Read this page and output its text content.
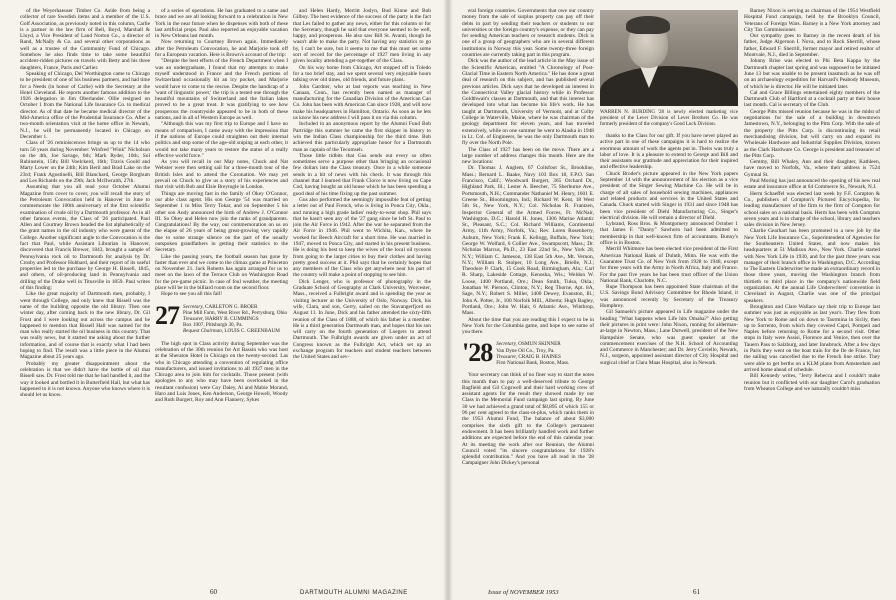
of the Weyerhaeuser Timber Co. Aside from being a collector of rare Swedish items and a member of the U.S. Golf Association, as previously noted in this column, Carlie is a partner in the law firm of Bell, Boyd, Marshall & Lloyd, a Vice President of Land Norton Co., a director of Rand, McNally & Co. and several other corporations as well as a trustee of the Community Fund of Chicago. Somehow he also finds time to take some beautiful accident-ridden pictures on travels with Betty and his three daughters, France, Paris and Carlier.

Speaking of Chicago, Del Worthington came to Chicago to be president of one of his business partners, and had time for a Needs (in honor of Carlie) with the Secretary at the Hotel Cleveland. He reports another famous addition to the 1926 delegation in Jim Oberlander. Ollie resigned on October 1 from the National Life Insurance Co. to medical director. As of that date he became medical director of the Mid-America office of the Prudential Insurance Co. After a two-month orientation visit at the home office in Newark, N.J., he will be permanently located in Chicago on December 1.

Class of '26 reminiscences brings us up to the 14 who turn 50 years during November: Winfred "Wink" Nicholson on the 4th, Joe Savage, 6th; Mark Ryder, 10th; Sol Rubinstein, 15th; Bill Voelckerd, 16th; Travis Gould and Marty Lower on the 24th; Kim Beril and Brad Lake on the 23rd; Frank Agostinelli, Bill Blanchard, George Borghum and Les Richards on the 29th; Jack McIlwraith, 27th.

Assuming that you all read your October Alumni Magazine from cover to cover, you will recall the story of the Petroleum Convocation held in Hanover in June to commemorate the 100th anniversary of the first scientific examination of crude oil by a Dartmouth professor. As in all other famous events, the Class of '26 participated. Paul Allen and Courtney Brown headed the list alphabetically of the grant names in the oil industry who were guests of the College. Another significant angle to the Convocation is the fact that Paul, while Assistant Librarian in Hanover, discovered that Francis Brewer, 1843, brought a sample of Pennsylvania rock oil to Dartmouth for analysis by Dr. Crosby and Professor Hubbard, and their report of its useful properties led to the purchase by George H. Bissell, 1845, and others, of oil-producing land in Pennsylvania and drilling of the Drake well in Titusville in 1859. Paul writes of this finding:

Like the great majority of Dartmouth men, probably, I went through College, and only knew that Bissell was the name of the building opposite the old library. Then one winter day, after coming back to the new library, Dr. Gil Frost and I were looking out across the campus and he happened to mention that Bissell Hall was named for the man who really started the oil business in this country. That was really news, but it started me asking about the further information, and of course that is exactly what I had been hoping to find. The result was a little piece in the Alumni Magazine about 25 years ago.

Probably my greater disappointment about the celebration is that we didn't have the bottle of oil that Bissell saw. Dr. Frost told me that he had handled it, and the way it looked and bottled it in Butterfield Hall, but what has happened to it is not known. Anyone who knows where it is should let us know.

of a series of operations. He has graduated to a same and brace and we are all looking forward to a celebration in New York in the near future when he dispenses with both of these last artificial props. Paul also reported an enjoyable vacation in New Orleans last month.

Now returning to Courtney Brown again. Immediately after the Petroleum Convocation, he and Marjorie took off for a European vacation. Here is Brown's account of the trip:

"Despite the best efforts of the French Department when I was an undergraduate, I found that my attempts to make myself understood in France and the French portions of Switzerland occasionally hit an icy pocket, and Marjorie would have to come to the rescue. Despite the handicap of a 'want of linguistic power,' the trip is a tested one through the beautiful mountains of Switzerland and the Italian lakes proved to be a great treat. It was gratifying to see how prosperous the countryside appeared to be in both of these nations, and in all of Western Europe as well.

"Although this was my first trip to Europe and I have no means of comparison, I came away with the impression that if the nations of Europe could straighten out their internal politics and stop some of the age-old sniping at each other, it would not take many years to restore the status of a really effective world force."

As you will recall in our May notes, Chuck and Nat Webster were then setting sail for a three-month tour of the British Isles and to attend the Coronation. We may yet prevail on Chuck to give us a story of his experiences and that visit with Bob and Elsie Breytogle in London.

Things are moving fast in the family of Okey O'Connor, our able class agent. His son George '54 was married on September 1 to Miss Terry Tokar, and on September 5 his other son Andy announced the birth of Andrew J. O'Connor III. So Okey and Helen now join the ranks of grandparents. Congratulations! By the way, our commemoration on us on the elapse of 26 years of being great-growing very rapidly due to some strange silence on the part of the usually outspoken grandfathers in getting their statistics to the Secretary.

Like the passing years, the football season has gone by faster than ever and we come to the climax game at Princeton on November 21. Jack Roberts has again arranged for us to meet on the lawn of the Terrace Club on Washington Road for the pre-game picnic. In case of foul weather, the meeting place will be in the billiard room on the second floor.

Hope to see you all this fall!

27 Secretary, CARLETON G. BROER
Pine Mill Farm, West River Rd., Perrysburg, Ohio
Treasurer, HARRY B. CUMMINGS
Box 1907, Pittsburgh 30, Pa.
Bequest Chairman, LOUIS C. GREENBAUM

The high spot in Class activity during September was the celebration of the 30th reunion for Art Bassin who was host at the Sheraton Hotel in Chicago on the twenty-second. Las who in Chicago attending a convention of regulating office manufacturers, and issued invitations to all 1927 men in the Chicago area to join him for cocktails. Those present (with apologies to any who may have been overlooked in the resultant confusion) were Coy Daley, Ai and Mabie Morand, Haro and Lois Jones, Ken Anderson, George Howell, Woody and Ruth Burgert, Roy and Ann Flannery, Sykes

and Helen Hardy, Merritt Joslyn, Bud Kinne and Bob Gilboy. The best evidence of the success of the party is the fact that Les failed to gather any news, either for this column or for the Secretary, though he said that everyone seemed to be well, happy, and prosperous. He also saw Bill St. Avanti, though he wasn't able to make the party. Not having any statistics to go by, I can't be sure, but it seems to me that this must set some sort of record for the percentage of 1927 men living in any given locality attending a get-together of the Class.

On his way home from Chicago, Art stopped off in Toledo for a too brief stay, and we spent several very enjoyable hours talking over old times, old friends, and future plans.

John Gardner, who at last reports was teaching in New Canaan, Conn., has recently been named as manager of manufacturing for the Canadian Division of the American Can Co. John has been with American Can since 1928, and will now make his headquarters in Hamilton, Ontario. As soon as he lets us know his new address I will pass it on via this column.

Included in an anonymous report by the Alumni Fund Bob Partridge this summer he came the first skipper in history to win the Indian Class championship for the third time. Bob achieved this particularly appropriate honor for a Dartmouth man as captain of the Tecumseh.

Those little tidbits that Gus sends out every so often sometimes serve a purpose other than bringing an occasional few dollars into the Class treasury. Once in a while someone sends in a bit of news with his check. It was through this channel that I learned that Frank Clorce is now living on Cape Cod, having bought an old house which he has been spending a good deal of his time fixing up the past summer.

Gus also performed the seemingly impossible feat of getting a letter out of Paul French, who is living in Ponca City, Okla., and running a high grade ladies' ready-to-wear shop. Phil says that he hasn't seen any of the '27 gang since he left St. Paul to join the Air Force in 1942. After the war he separated from the Air Force in 1946. Phil went to Wichita, Kan., where he worked for Beech Aircraft for a short time. He was married in 1947, moved to Ponca City, and started in his present business. He is doing his best to keep the wives of the local oil tycoons from going to the larger cities to buy their clothes and having pretty good success at it. Phil says that he certainly hopes that any members of the Class who get anywhere near his part of the country will make a point of stopping to see him.

Dick Lenger, who is professor of photography in the Graduate School of Geography at Clark University, Worcester, Mass., received a Fulbright award and is spending the year as visiting lecturer at the University of Oslo, Norway. Dick, his wife, Clara, and son, Gerry, sailed on the Stavangerfjord on August 11. In June, Dick and his father attended the sixty-fifth reunion of the Class of 1888, of which his father is a member. He is a third generation Dartmouth man, and hopes that his son will carry on the fourth generation of Loegers to attend Dartmouth. The Fulbright awards are given under an act of Congress known as the Fulbright Act, which set up an exchange program for teachers and student teachers between the United States and sev-

60	DARTMOUTH ALUMNI MAGAZINE

eral foreign countries. Governments that owe our country money from the sale of surplus property can pay off their debts in part by sending their teachers or students to our universities or the foreign country's expense, or they can pay for sending American teachers or research students. Dick is one of a group of geographers who are in several different institutions in Norway this year. Some twenty-three foreign countries are currently taking part in this program.

Dick was the author of the lead article in the May issue of the Scientific American, entitled "A Chronology of Post-Glacial Time in Eastern North America." He has done a great deal of research on this subject, and has published several previous articles. Dick says that he developed an interest in the Connecticut Valley glacial history while in Professor Goldthwait's classes at Dartmouth, and that this interest has developed into what has become his life's work. He has taught at Dartmouth, University of Vermont, and at Colby College in Waterville, Maine, where he was chairman of the geology department for eleven years, and has traveled extensively, while on one summer he went to Alaska in 1948 in Lt. Col. of Engineers, he was the only Dartmouth man to fly over the North Pole.

The Class of 1927 has been on the move. There are a large number of address changes this month. Here are the new locations:

Dr. Thomas J. Anglem, 67 Coltsfoot St., Brookline, Mass.; Bernard L. Baake, Navy 103 Box 18, F.P.O. San Francisco, Calif.; Woodward Burgert, 365 Orchard Dr., Highland Park, Ill.; Lester A. Beecher, 75 Sherburne Ave., Portsmouth, N.H.; Commander Nathaniel M. Henry, 1601 E. Greene St., Bloomington, Ind.; Richard W. Kent, 18 West 5th St., New York, N.Y.; Col. Nicholas R. Frantzen, Inspector General of the Armed Forces, Ft. McNair, Washington, D.C.; Harold H. Jones, 1306 Marine Atlantic St., Pleasant, S.C.; Col. Richard Williams, Continental Army, 11th Army, Norfolk, Va.; Rev. Loren Rosenberry, Auburn, New York; Frank E. Kellogg, Buffalo, New York; George W. Wolfard, 6 Collier Ave., Swampscott, Mass.; Dr. Nicholas Marcus, Ph.D., 23 East 22nd St., New York 28, N.Y.; William C. Jameson, 138 East 5th Ave., Mt. Vernon, N.Y.; William R. Stolper, 10 Long Ave., Brielle, N.J.; Theodore P. Clark, 15 Cook Road, Birmingham, Ala.; Carl R. Sharp, Lakeside Cottage, Kenosha, Wis.; Weldon W. Loose, 1400 Portland, Ore.; Dean Smith, Tulsa, Okla.; Jonathan W. Pierson, Clinton, N.Y.; Reg Thorne, Apt. 8A, Sage, N.Y.; Robert S. Miller, 1400 Dewey, Evanston, Ill.; John A. Potter, Jr., 100 Norfolk Mill., Alberta; Hugh Bagley, Portland, Ore.; John W. Hair, 6 Atlantic Ave., Winthrop, Mass.

About the time that you are reading this I expect to be in New York for the Columbia game, and hope to see some of you there.

'28 Secretary, OSMUN SKINNER
Van Dyne Oil Co., Troy, Pa.
Treasurer, CRAIG B. HAINES
First National Bank, Boston, Mass.

Your secretary can think of no finer way to start the notes this month than to pay a well-deserved tribute to George Bagfield and Gil Cogswell and their hard working crew of assistant agents for the result they showed made by our Class in the Memorial Fund campaign last spring. By June 30 we had achieved a grand total of $8,895 of which 155 or 96 per cent agreed to the class-ot-plus, which ranks them in the 1953 Alumni Fund, The balance of about $3,000 comprises the sixth gift to the College's permanent endowment. It has been brilliantly handled work and further additions are expected before the end of this calendar year. At its meeting the work after our Reunion, the Alumni Council voted "its sincere congratulations for 1928's splendid contribution." And you have all read in the '28 Campaigner John Dickey's personal

WARREN N. BURDING '28 is newly elected marketing vice president of the Lever Division of Lever Brothers Co. He was formerly president of the company's Good Luck Division.

thanks to the Class for our gift. If you have never played an active part in one of these campaigns it is hard to realize the enormous amount of work the agents put in. Theirs was truly a labor of love. It is a pleasure to extend to George and Bill and their assistants our gratitude and appreciation for their inspired and effective leadership.

Chuck Broder's picture appeared in the New York papers September 14 with the announcement of his election as a vice president of the Singer Sewing Machine Co. He will be in charge of all sales of household sewing machines, appliances and related products and services in the United States and Canada. Chuck started with Singer in 1931 and since 1948 has been vice president of Diehl Manufacturing Co., Singer's electrical division. He will remain a director of Diehl.

Lybrand, Ross Bros. & Montgomery announced October 1 that James F. "Danny" Sawhorn had been admitted to membership in that well-known firm of accountants. Bunny's office is in Boston.

Merrill Whitmore has been elected vice president of the First American National Bank of Duluth, Minn. He was with the Guarantee Trust Co. of New York from 1928 to 1948, except for three years with the Army in North Africa, Italy and France. For the past five years he has been trust officer of the Union National Bank, Charlotte, N.C.

Rupe Thompson has been appointed State chairman of the U.S. Savings Bond Advisory Committee for Rhode Island, it was announced recently by Secretary of the Treasury Humphrey.

Gil Samuels's picture appeared in Life magazine under the heading "What happens when Life hits Omaha?" Also getting their pictures in print were: John Nixon, running for alderman-at-large in Newton, Mass.; Lane Dutwell, president of the New Hampshire Senate, who was guest speaker at the commencement exercises of the N.H. School of Accounting and Commerce in Manchester; and Dr. Jerry Coviello, Newark, N.J., surgeon, appointed assistant director of City Hospital and surgical chief at Clara Maas Hospital, also in Newark.

Barney Nixon is serving as chairman of the 1954 Westfield Hospital Fund campaign, held by the Brooklyn Council, Veterans of Foreign Wars. Barney is a New York attorney and City Tax Commissioner.

Our sympathy goes to Barney in the recent death of his father, Judge Algernon I. Nova, and to Rock Sherrill, whose father, Edward F. Sherrill, former mayor and retired realtor of Montvale, N.J., died in September.

Johnny Brise was elected to Phi Beta Kappa by the Dartmouth chapter last spring and was supposed to be initiated June 13 but was unable to be present inasmuch as he was off on an archaeology expedition for Harvard's Peabody Museum, of which he is director. He will be initiated later.

Cal and Grace Billings entertained eighty members of the Dartmouth Club of Hartford at a cocktail party at their house last month. Cal is secretary of the Club.

George Pitts missed reunion because he was in the midst of negotiations for the sale of a building in downtown Jamestown, N.Y., belonging to the Pitts Corp. With the sale of the property the Pitts Corp. is discontinuing its retail merchandising division, but will carry on and expand its Wholesale Hardware and Industrial Supplies Division, known as the Clark Hardware Co. George is president and treasurer of the Pitts Corp.

Gemmy, Bill Whaley, Ann and their daughter, Kathleen, have moved to Norfolk, Va., where their address is 7524 Gymnal St.

Paul Moring has just announced the opening of his new real estate and insurance office at 64 Commerce St., Newark, N.J.

Herm Schaeffel was elected last week by F.F. Compton & Co., publishers of Compton's Pictured Encyclopedia, for leading manufacturer of the firm to the firm of Compton for school sales on a national basis. Herm has been with Compton seven years and is in charge of the school, library and teachers sales division in New Jersey.

Charlie Gearhart has been promoted to a new job by the New York Life Insurance Co., Superintendent of Agencies for the Southeastern United States, and now makes his headquarters at 51 Madison Ave., New York. Charlie started with New York Life in 1930, and for the past three years was manager of their branch office in Washington, D.C. According to The Eastern Underwriter he made an extraordinary record in those three years, moving the Washington branch from thirtieth to third place in the company's nationwide field organization. At the annual Life Underwriters' convention in Cleveland in August, Charlie was one of the principal speakers.

Broughton and Clare Wallace say their trip to Europe last summer was just as enjoyable as last year's. They flew from New York to Rome and on down to Taormina in Sicily, then up to Sorrento, from which they covered Capri, Pompeii and Naples before returning to Rome for a second visit. Other stops in Italy were Assisi, Florence and Venice, then over the Tauern Pass to Salzburg, and later Innsbruck. After a few days in Paris they went on the boat train for the Ile de France, but the sailing was cancelled due to the French line strike. They were able to get berths on a KLM plane from Amsterdam and arrived home ahead of schedule.

Bill Kennedy writes, "Jerry Rebecca and I couldn't make reunion but it conflicted with our daughter Carol's graduation from Wheaton College and we naturally couldn't miss

Issue of NOVEMBER 1953	61
